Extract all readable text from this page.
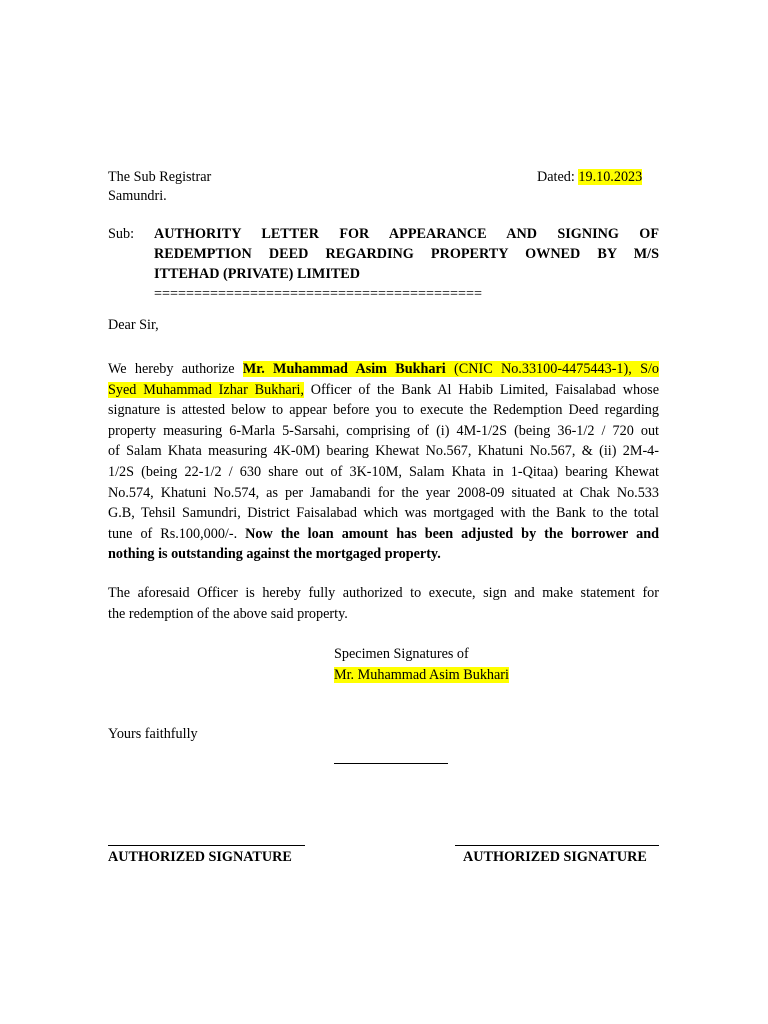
The Sub Registrar
Samundri.
Dated: 19.10.2023
Sub: AUTHORITY LETTER FOR APPEARANCE AND SIGNING OF
REDEMPTION DEED REGARDING PROPERTY OWNED BY M/S
ITTEHAD (PRIVATE) LIMITED
=========================================
Dear Sir,
We hereby authorize Mr. Muhammad Asim Bukhari (CNIC No.33100-4475443-1), S/o
Syed Muhammad Izhar Bukhari, Officer of the Bank Al Habib Limited, Faisalabad whose
signature is attested below to appear before you to execute the Redemption Deed regarding
property measuring 6-Marla 5-Sarsahi, comprising of (i) 4M-1/2S (being 36-1/2 / 720 out
of Salam Khata measuring 4K-0M) bearing Khewat No.567, Khatuni No.567, & (ii) 2M-4-
1/2S (being 22-1/2 / 630 share out of 3K-10M, Salam Khata in 1-Qitaa) bearing Khewat
No.574, Khatuni No.574, as per Jamabandi for the year 2008-09 situated at Chak No.533
G.B, Tehsil Samundri, District Faisalabad which was mortgaged with the Bank to the total
tune of Rs.100,000/-. Now the loan amount has been adjusted by the borrower and
nothing is outstanding against the mortgaged property.
The aforesaid Officer is hereby fully authorized to execute, sign and make statement for
the redemption of the above said property.
Specimen Signatures of
Mr. Muhammad Asim Bukhari
Yours faithfully
AUTHORIZED SIGNATURE	AUTHORIZED SIGNATURE
